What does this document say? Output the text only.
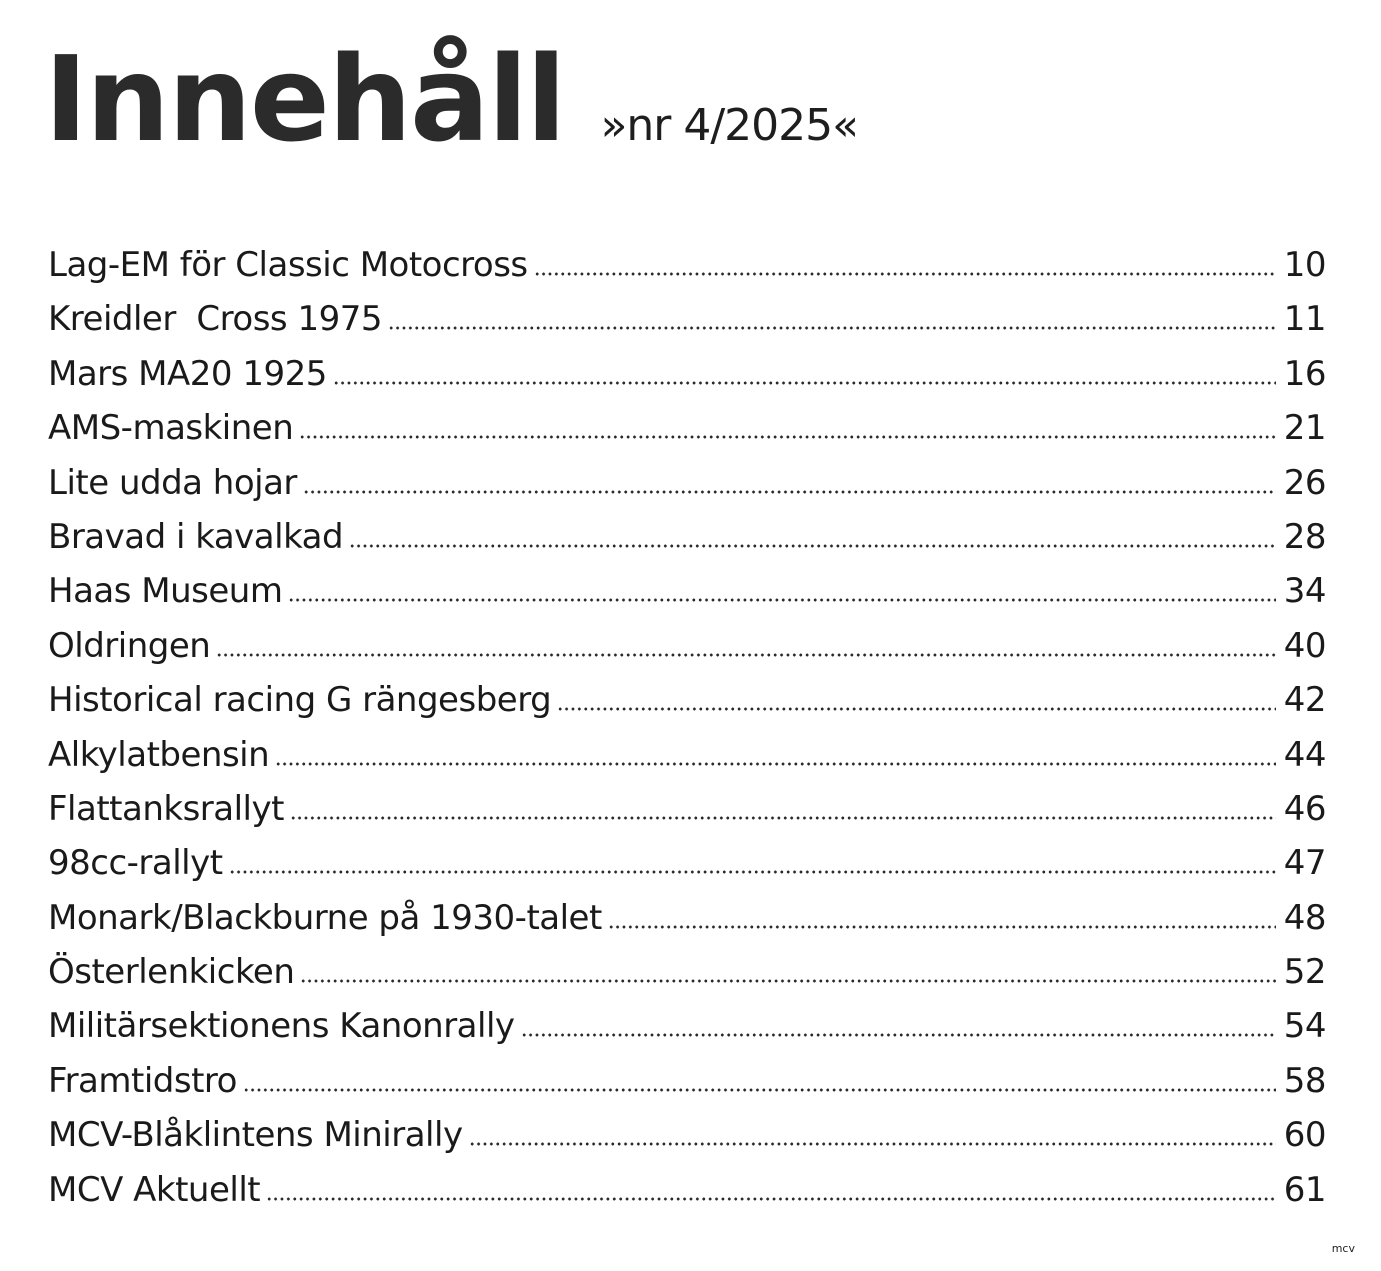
Innehåll »nr 4/2025«
Lag-EM för Classic Motocross	10
Kreidler  Cross 1975	11
Mars MA20 1925	16
AMS-maskinen	21
Lite udda hojar	26
Bravad i kavalkad	28
Haas Museum	34
Oldringen	40
Historical racing G rängesberg	42
Alkylatbensin	44
Flattanksrallyt	46
98cc-rallyt	47
Monark/Blackburne på 1930-talet	48
Österlenkicken	52
Militärsektionens Kanonrally	54
Framtidstro	58
MCV-Blåklintens Minirally	60
MCV Aktuellt	61
mcv
